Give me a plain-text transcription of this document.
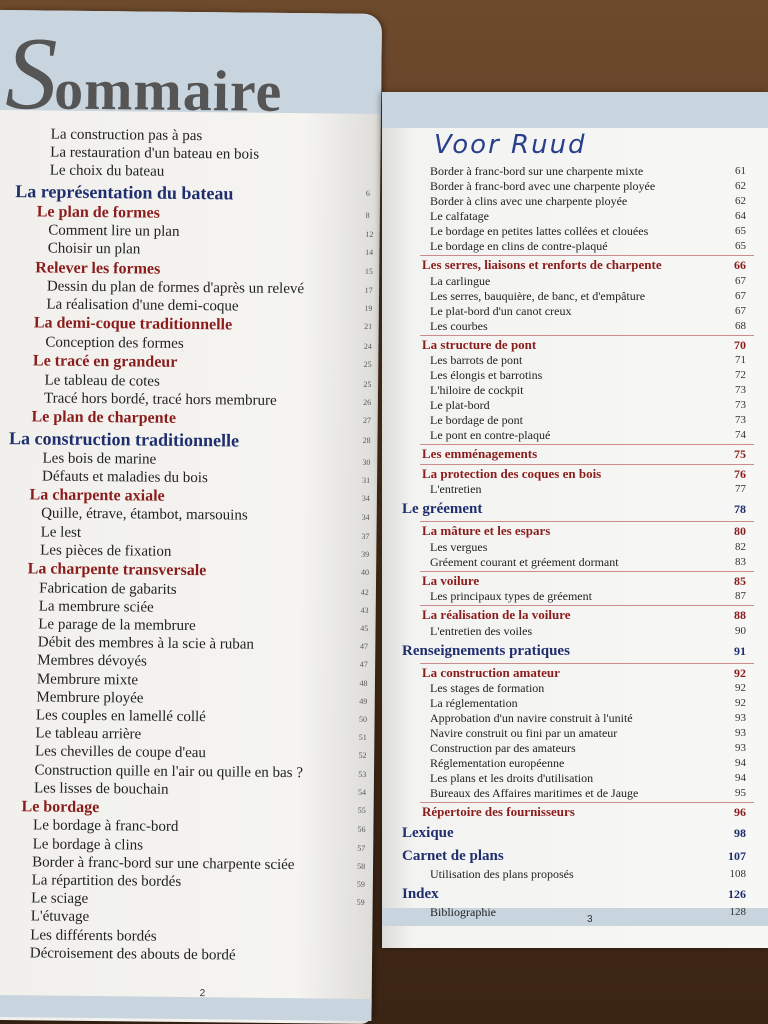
Sommaire
La construction pas à pas
La restauration d'un bateau en bois
Le choix du bateau
La représentation du bateau	6
Le plan de formes	8
Comment lire un plan	12
Choisir un plan	14
Relever les formes	15
Dessin du plan de formes d'après un relevé	17
La réalisation d'une demi-coque	19
La demi-coque traditionnelle	21
Conception des formes	24
Le tracé en grandeur	25
Le tableau de cotes	25
Tracé hors bordé, tracé hors membrure	26
Le plan de charpente	27
La construction traditionnelle	28
Les bois de marine	30
Défauts et maladies du bois	31
La charpente axiale	34
Quille, étrave, étambot, marsouins	34
Le lest	37
Les pièces de fixation	39
La charpente transversale	40
Fabrication de gabarits	42
La membrure sciée	43
Le parage de la membrure	45
Débit des membres à la scie à ruban	47
Membres dévoyés	47
Membrure mixte	48
Membrure ployée	49
Les couples en lamellé collé	50
Le tableau arrière	51
Les chevilles de coupe d'eau	52
Construction quille en l'air ou quille en bas ?	53
Les lisses de bouchain	54
Le bordage	55
Le bordage à franc-bord	56
Le bordage à clins	57
Border à franc-bord sur une charpente sciée	58
La répartition des bordés	59
Le sciage	59
L'étuvage
Les différents bordés
Décroisement des abouts de bordé
2
Voor Ruud
Border à franc-bord sur une charpente mixte	61
Border à franc-bord avec une charpente ployée	62
Border à clins avec une charpente ployée	62
Le calfatage	64
Le bordage en petites lattes collées et clouées	65
Le bordage en clins de contre-plaqué	65
Les serres, liaisons et renforts de charpente	66
La carlingue	67
Les serres, bauquière, de banc, et d'empâture	67
Le plat-bord d'un canot creux	67
Les courbes	68
La structure de pont	70
Les barrots de pont	71
Les élongis et barrotins	72
L'hiloire de cockpit	73
Le plat-bord	73
Le bordage de pont	73
Le pont en contre-plaqué	74
Les emménagements	75
La protection des coques en bois	76
L'entretien	77
Le gréement	78
La mâture et les espars	80
Les vergues	82
Gréement courant et gréement dormant	83
La voilure	85
Les principaux types de gréement	87
La réalisation de la voilure	88
L'entretien des voiles	90
Renseignements pratiques	91
La construction amateur	92
Les stages de formation	92
La réglementation	92
Approbation d'un navire construit à l'unité	93
Navire construit ou fini par un amateur	93
Construction par des amateurs	93
Réglementation européenne	94
Les plans et les droits d'utilisation	94
Bureaux des Affaires maritimes et de Jauge	95
Répertoire des fournisseurs	96
Lexique	98
Carnet de plans	107
Utilisation des plans proposés	108
Index	126
Bibliographie	128
3
